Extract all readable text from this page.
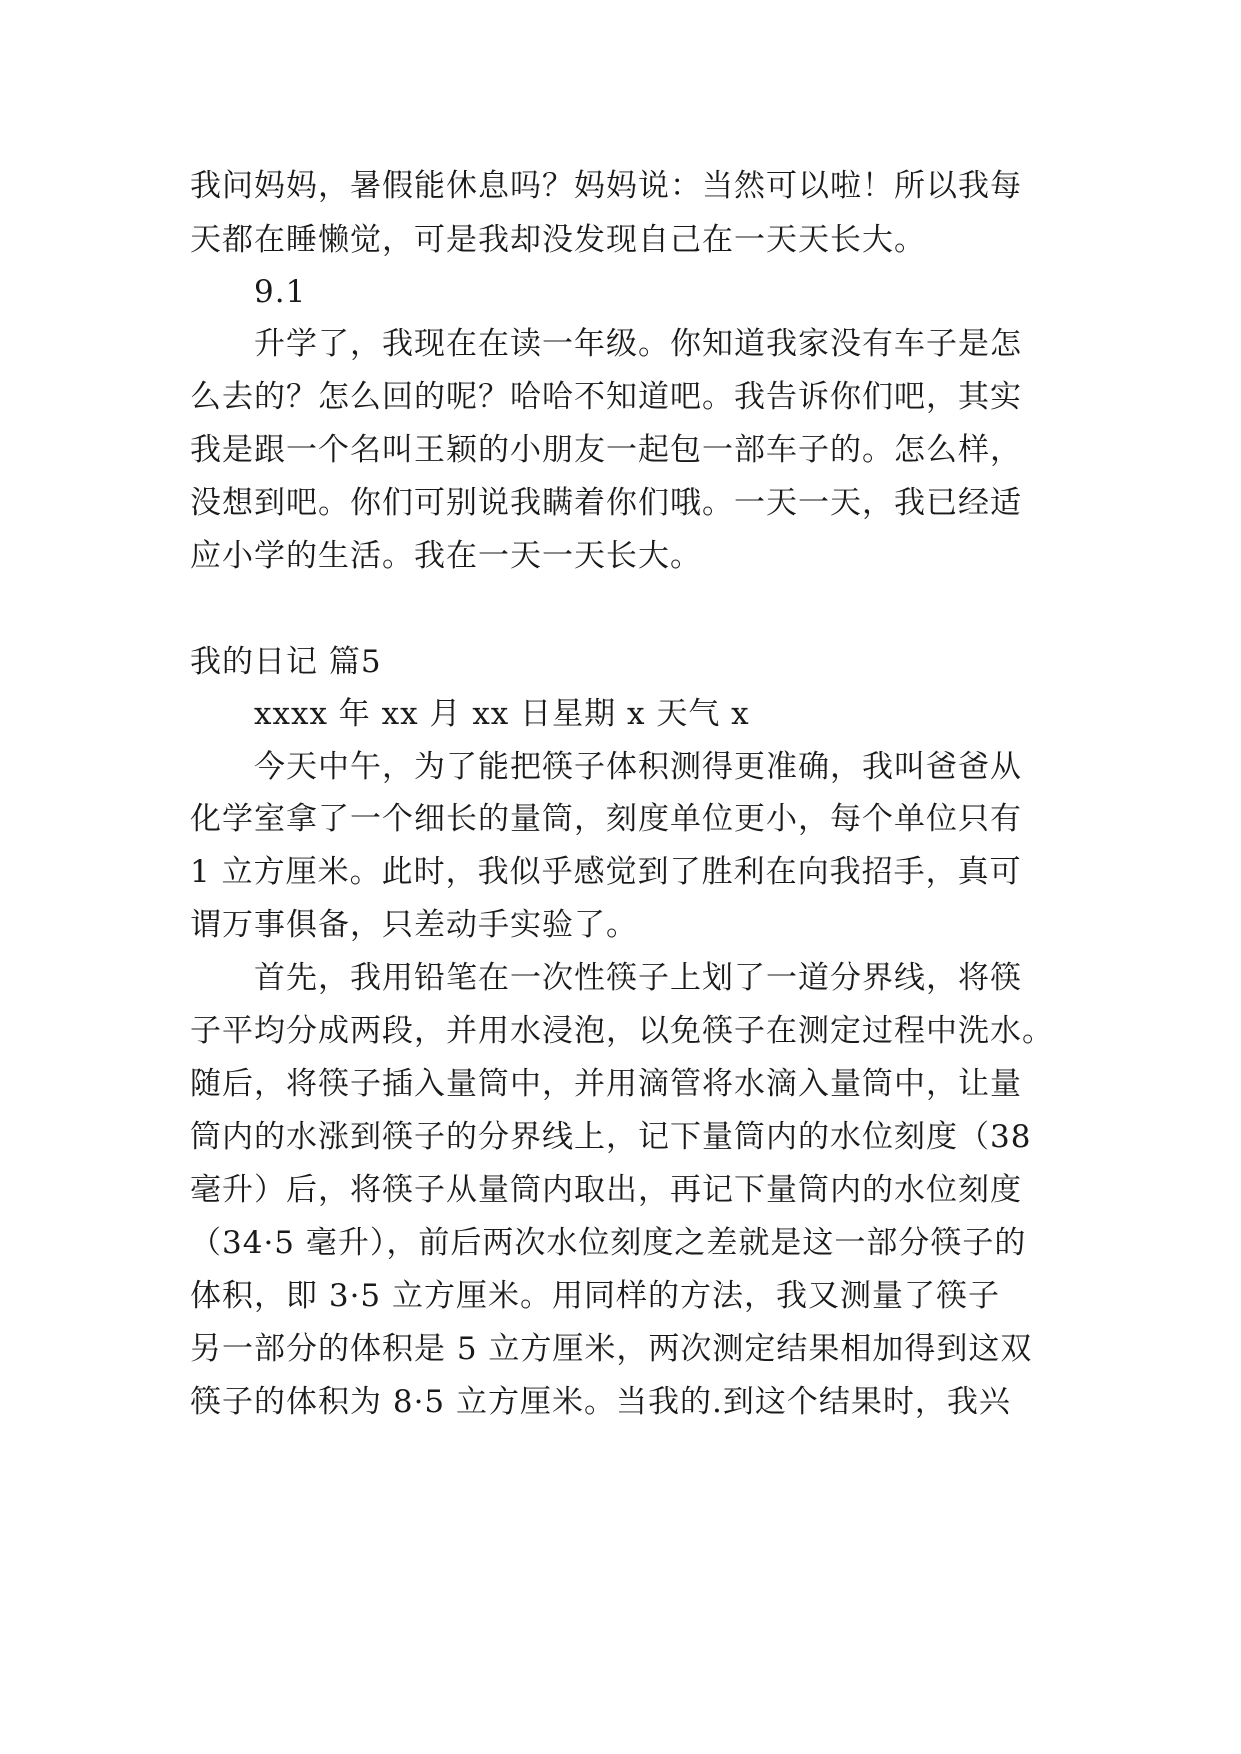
我问妈妈，暑假能休息吗？妈妈说：当然可以啦！所以我每
天都在睡懒觉，可是我却没发现自己在一天天长大。
9.1
升学了，我现在在读一年级。你知道我家没有车子是怎
么去的？怎么回的呢？哈哈不知道吧。我告诉你们吧，其实
我是跟一个名叫王颖的小朋友一起包一部车子的。怎么样，
没想到吧。你们可别说我瞒着你们哦。一天一天，我已经适
应小学的生活。我在一天一天长大。
我的日记 篇5
xxxx 年 xx 月 xx 日星期 x 天气 x
今天中午，为了能把筷子体积测得更准确，我叫爸爸从
化学室拿了一个细长的量筒，刻度单位更小，每个单位只有
1 立方厘米。此时，我似乎感觉到了胜利在向我招手，真可
谓万事俱备，只差动手实验了。
首先，我用铅笔在一次性筷子上划了一道分界线，将筷
子平均分成两段，并用水浸泡，以免筷子在测定过程中洗水。
随后，将筷子插入量筒中，并用滴管将水滴入量筒中，让量
筒内的水涨到筷子的分界线上，记下量筒内的水位刻度（38
毫升）后，将筷子从量筒内取出，再记下量筒内的水位刻度
（34·5 毫升），前后两次水位刻度之差就是这一部分筷子的
体积，即 3·5 立方厘米。用同样的方法，我又测量了筷子
另一部分的体积是 5 立方厘米，两次测定结果相加得到这双
筷子的体积为 8·5 立方厘米。当我的.到这个结果时，我兴
